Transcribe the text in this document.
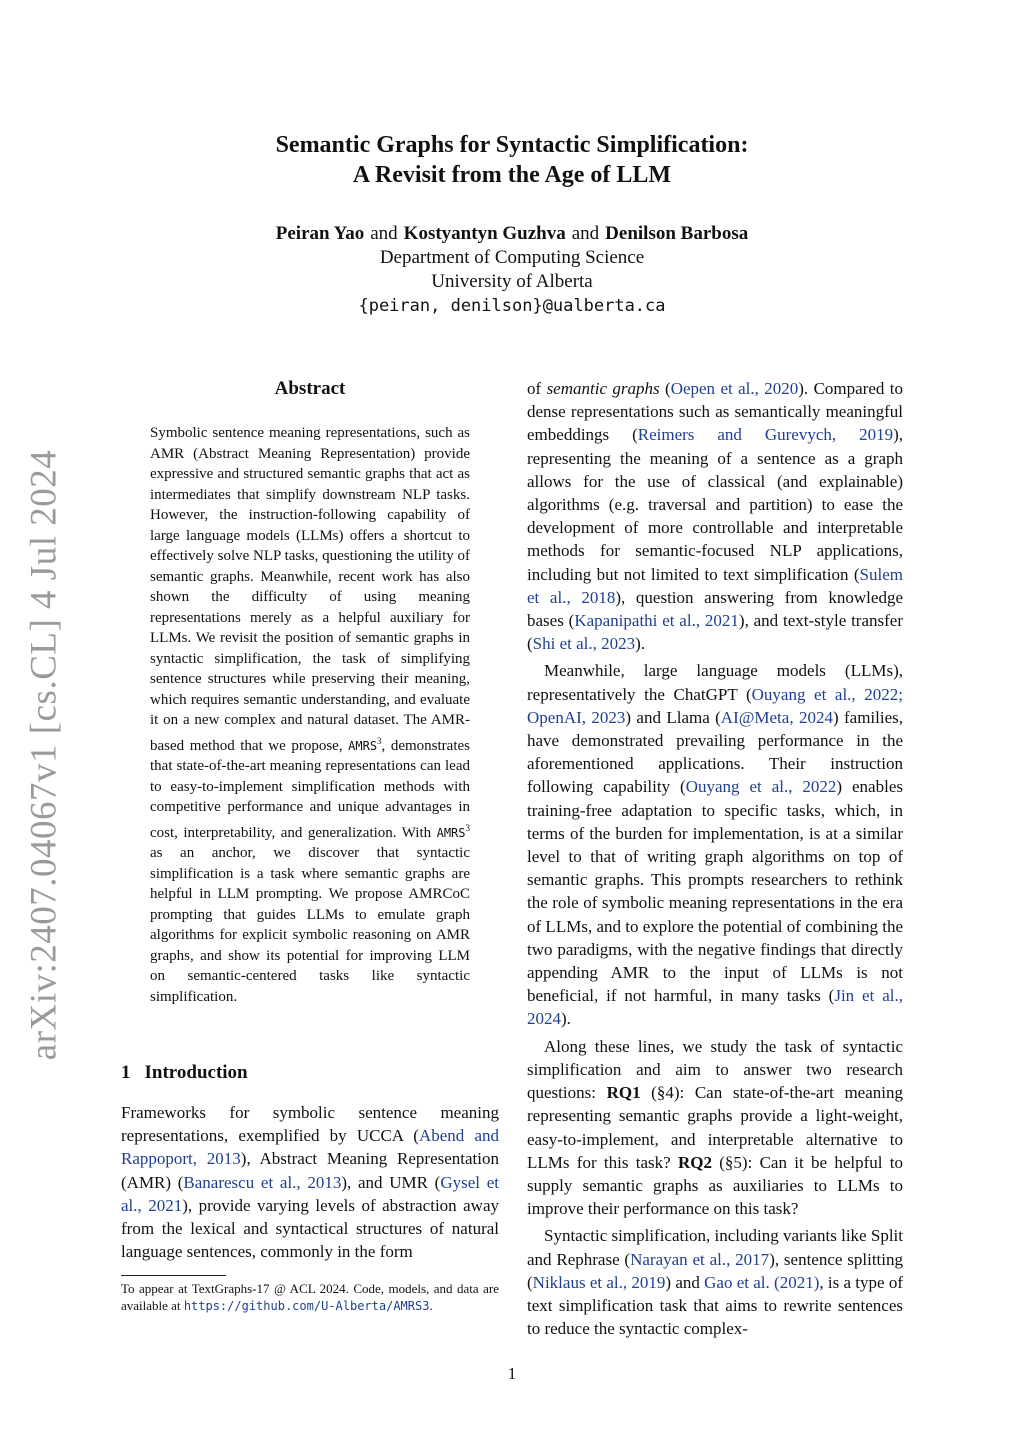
arXiv:2407.04067v1 [cs.CL] 4 Jul 2024
Semantic Graphs for Syntactic Simplification:
A Revisit from the Age of LLM
Peiran Yao and Kostyantyn Guzhva and Denilson Barbosa
Department of Computing Science
University of Alberta
{peiran, denilson}@ualberta.ca
Abstract
Symbolic sentence meaning representations, such as AMR (Abstract Meaning Representation) provide expressive and structured semantic graphs that act as intermediates that simplify downstream NLP tasks. However, the instruction-following capability of large language models (LLMs) offers a shortcut to effectively solve NLP tasks, questioning the utility of semantic graphs. Meanwhile, recent work has also shown the difficulty of using meaning representations merely as a helpful auxiliary for LLMs. We revisit the position of semantic graphs in syntactic simplification, the task of simplifying sentence structures while preserving their meaning, which requires semantic understanding, and evaluate it on a new complex and natural dataset. The AMR-based method that we propose, AMRS$^3$, demonstrates that state-of-the-art meaning representations can lead to easy-to-implement simplification methods with competitive performance and unique advantages in cost, interpretability, and generalization. With AMRS$^3$ as an anchor, we discover that syntactic simplification is a task where semantic graphs are helpful in LLM prompting. We propose AMRCoC prompting that guides LLMs to emulate graph algorithms for explicit symbolic reasoning on AMR graphs, and show its potential for improving LLM on semantic-centered tasks like syntactic simplification.
1 Introduction

Frameworks for symbolic sentence meaning representations, exemplified by UCCA (Abend and Rappoport, 2013), Abstract Meaning Representation (AMR) (Banarescu et al., 2013), and UMR (Gysel et al., 2021), provide varying levels of abstraction away from the lexical and syntactical structures of natural language sentences, commonly in the form

of semantic graphs (Oepen et al., 2020). Compared to dense representations such as semantically meaningful embeddings (Reimers and Gurevych, 2019), representing the meaning of a sentence as a graph allows for the use of classical (and explainable) algorithms (e.g. traversal and partition) to ease the development of more controllable and interpretable methods for semantic-focused NLP applications, including but not limited to text simplification (Sulem et al., 2018), question answering from knowledge bases (Kapanipathi et al., 2021), and text-style transfer (Shi et al., 2023).

Meanwhile, large language models (LLMs), representatively the ChatGPT (Ouyang et al., 2022; OpenAI, 2023) and Llama (AI@Meta, 2024) families, have demonstrated prevailing performance in the aforementioned applications. Their instruction following capability (Ouyang et al., 2022) enables training-free adaptation to specific tasks, which, in terms of the burden for implementation, is at a similar level to that of writing graph algorithms on top of semantic graphs. This prompts researchers to rethink the role of symbolic meaning representations in the era of LLMs, and to explore the potential of combining the two paradigms, with the negative findings that directly appending AMR to the input of LLMs is not beneficial, if not harmful, in many tasks (Jin et al., 2024).

Along these lines, we study the task of syntactic simplification and aim to answer two research questions: RQ1 (§4): Can state-of-the-art meaning representing semantic graphs provide a light-weight, easy-to-implement, and interpretable alternative to LLMs for this task? RQ2 (§5): Can it be helpful to supply semantic graphs as auxiliaries to LLMs to improve their performance on this task?

Syntactic simplification, including variants like Split and Rephrase (Narayan et al., 2017), sentence splitting (Niklaus et al., 2019) and Gao et al. (2021), is a type of text simplification task that aims to rewrite sentences to reduce the syntactic complex-

To appear at TextGraphs-17 @ ACL 2024. Code, models, and data are available at https://github.com/U-Alberta/AMRS3.
1
